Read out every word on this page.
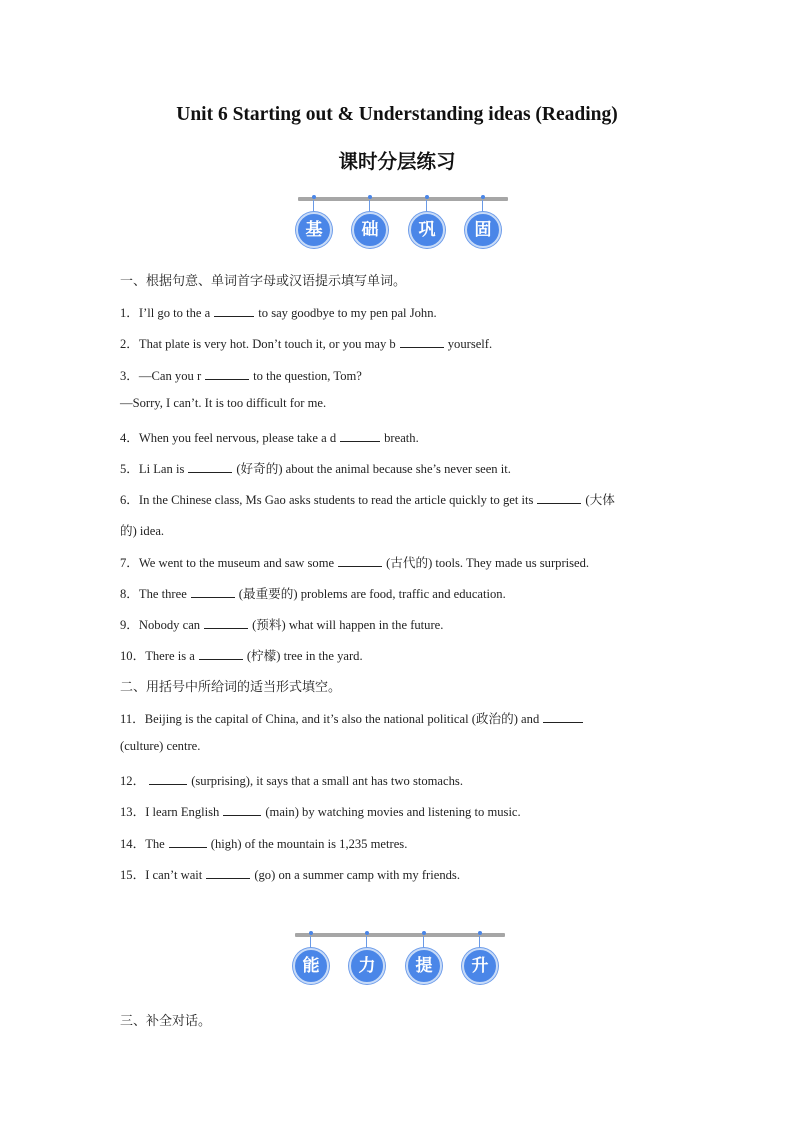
Unit 6 Starting out & Understanding ideas (Reading)
课时分层练习
基	础	巩	固
一、根据句意、单词首字母或汉语提示填写单词。
1．I’ll go to the a	to say goodbye to my pen pal John.
2．That plate is very hot. Don’t touch it, or you may b	yourself.
3．—Can you r	to the question, Tom?
—Sorry, I can’t. It is too difficult for me.
4．When you feel nervous, please take a d	breath.
5．Li Lan is	(好奇的) about the animal because she’s never seen it.
6．In the Chinese class, Ms Gao asks students to read the article quickly to get its	(大体
的) idea.
7．We went to the museum and saw some	(古代的) tools. They made us surprised.
8．The three	(最重要的) problems are food, traffic and education.
9．Nobody can	(预料) what will happen in the future.
10．There is a	(柠檬) tree in the yard.
二、用括号中所给词的适当形式填空。
11．Beijing is the capital of China, and it’s also the national political (政治的) and
(culture) centre.
12．	(surprising), it says that a small ant has two stomachs.
13．I learn English	(main) by watching movies and listening to music.
14．The	(high) of the mountain is 1,235 metres.
15．I can’t wait	(go) on a summer camp with my friends.
能	力	提	升
三、补全对话。
